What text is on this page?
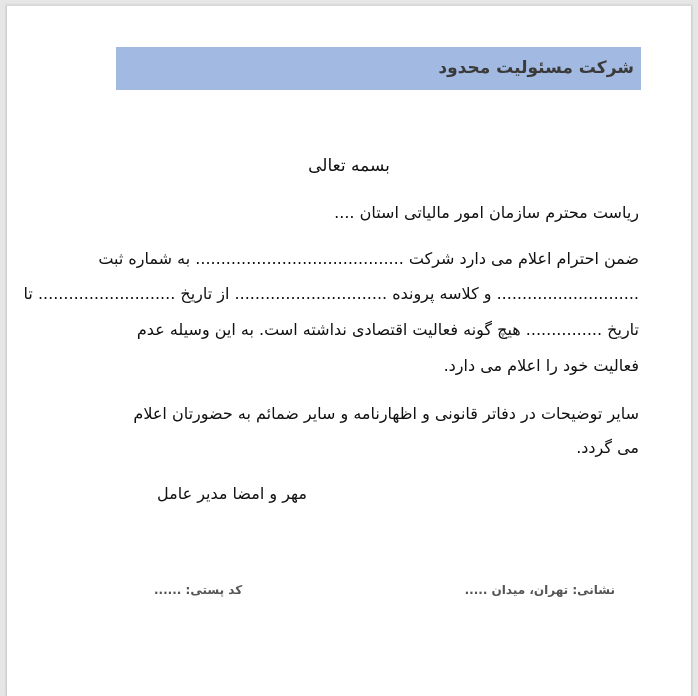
شرکت مسئولیت محدود
بسمه تعالی
ریاست محترم سازمان امور مالیاتی استان ....
ضمن احترام اعلام می دارد شرکت ......................................... به شماره ثبت
............................ و کلاسه پرونده .............................. از تاریخ ........................... تا
تاریخ ............... هیچ گونه فعالیت اقتصادی نداشته است. به این وسیله عدم
فعالیت خود را اعلام می دارد.
سایر توضیحات در دفاتر قانونی و اظهارنامه و سایر ضمائم به حضورتان اعلام
می گردد.
مهر و امضا مدیر عامل
نشانی: تهران، میدان .....
کد پستی: ......
